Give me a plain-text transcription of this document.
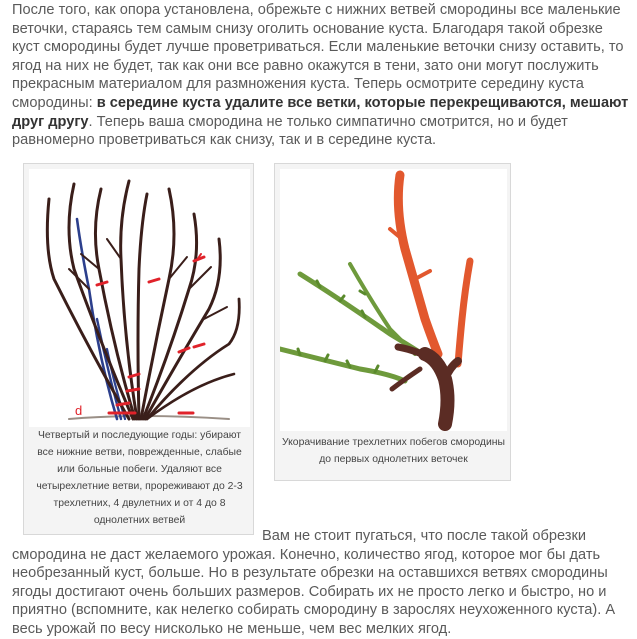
После того, как опора установлена, обрежьте с нижних ветвей смородины все маленькие веточки, стараясь тем самым снизу оголить основание куста. Благодаря такой обрезке куст смородины будет лучше проветриваться. Если маленькие веточки снизу оставить, то ягод на них не будет, так как они все равно окажутся в тени, зато они могут послужить прекрасным материалом для размножения куста. Теперь осмотрите середину куста смородины: в середине куста удалите все ветки, которые перекрещиваются, мешают друг другу. Теперь ваша смородина не только симпатично смотрится, но и будет равномерно проветриваться как снизу, так и в середине куста.

d
Четвертый и последующие годы: убирают все нижние ветви, поврежденные, слабые или больные побеги. Удаляют все четырехлетние ветви, прореживают до 2-3 трехлетних, 4 двулетних и от 4 до 8 однолетних ветвей
Укорачивание трехлетних побегов смородины до первых однолетних веточек

Вам не стоит пугаться, что после такой обрезки смородина не даст желаемого урожая. Конечно, количество ягод, которое мог бы дать необрезанный куст, больше. Но в результате обрезки на оставшихся ветвях смородины ягоды достигают очень больших размеров. Собирать их не просто легко и быстро, но и приятно (вспомните, как нелегко собирать смородину в зарослях неухоженного куста). А весь урожай по весу нисколько не меньше, чем вес мелких ягод.
